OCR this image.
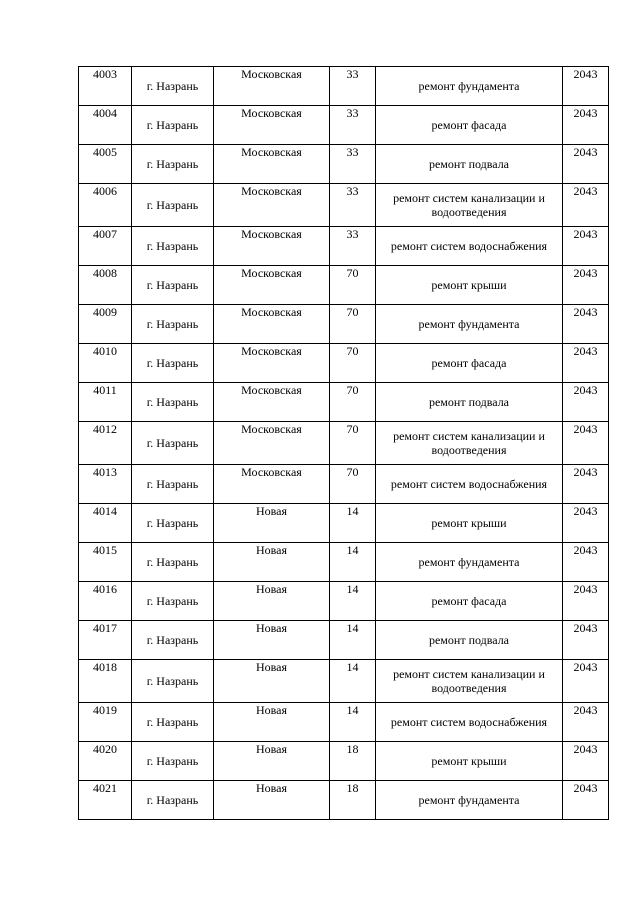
4003	г. Назрань	Московская	33	ремонт фундамента	2043
4004	г. Назрань	Московская	33	ремонт фасада	2043
4005	г. Назрань	Московская	33	ремонт подвала	2043
4006	г. Назрань	Московская	33	ремонт систем канализации и водоотведения	2043
4007	г. Назрань	Московская	33	ремонт систем водоснабжения	2043
4008	г. Назрань	Московская	70	ремонт крыши	2043
4009	г. Назрань	Московская	70	ремонт фундамента	2043
4010	г. Назрань	Московская	70	ремонт фасада	2043
4011	г. Назрань	Московская	70	ремонт подвала	2043
4012	г. Назрань	Московская	70	ремонт систем канализации и водоотведения	2043
4013	г. Назрань	Московская	70	ремонт систем водоснабжения	2043
4014	г. Назрань	Новая	14	ремонт крыши	2043
4015	г. Назрань	Новая	14	ремонт фундамента	2043
4016	г. Назрань	Новая	14	ремонт фасада	2043
4017	г. Назрань	Новая	14	ремонт подвала	2043
4018	г. Назрань	Новая	14	ремонт систем канализации и водоотведения	2043
4019	г. Назрань	Новая	14	ремонт систем водоснабжения	2043
4020	г. Назрань	Новая	18	ремонт крыши	2043
4021	г. Назрань	Новая	18	ремонт фундамента	2043
